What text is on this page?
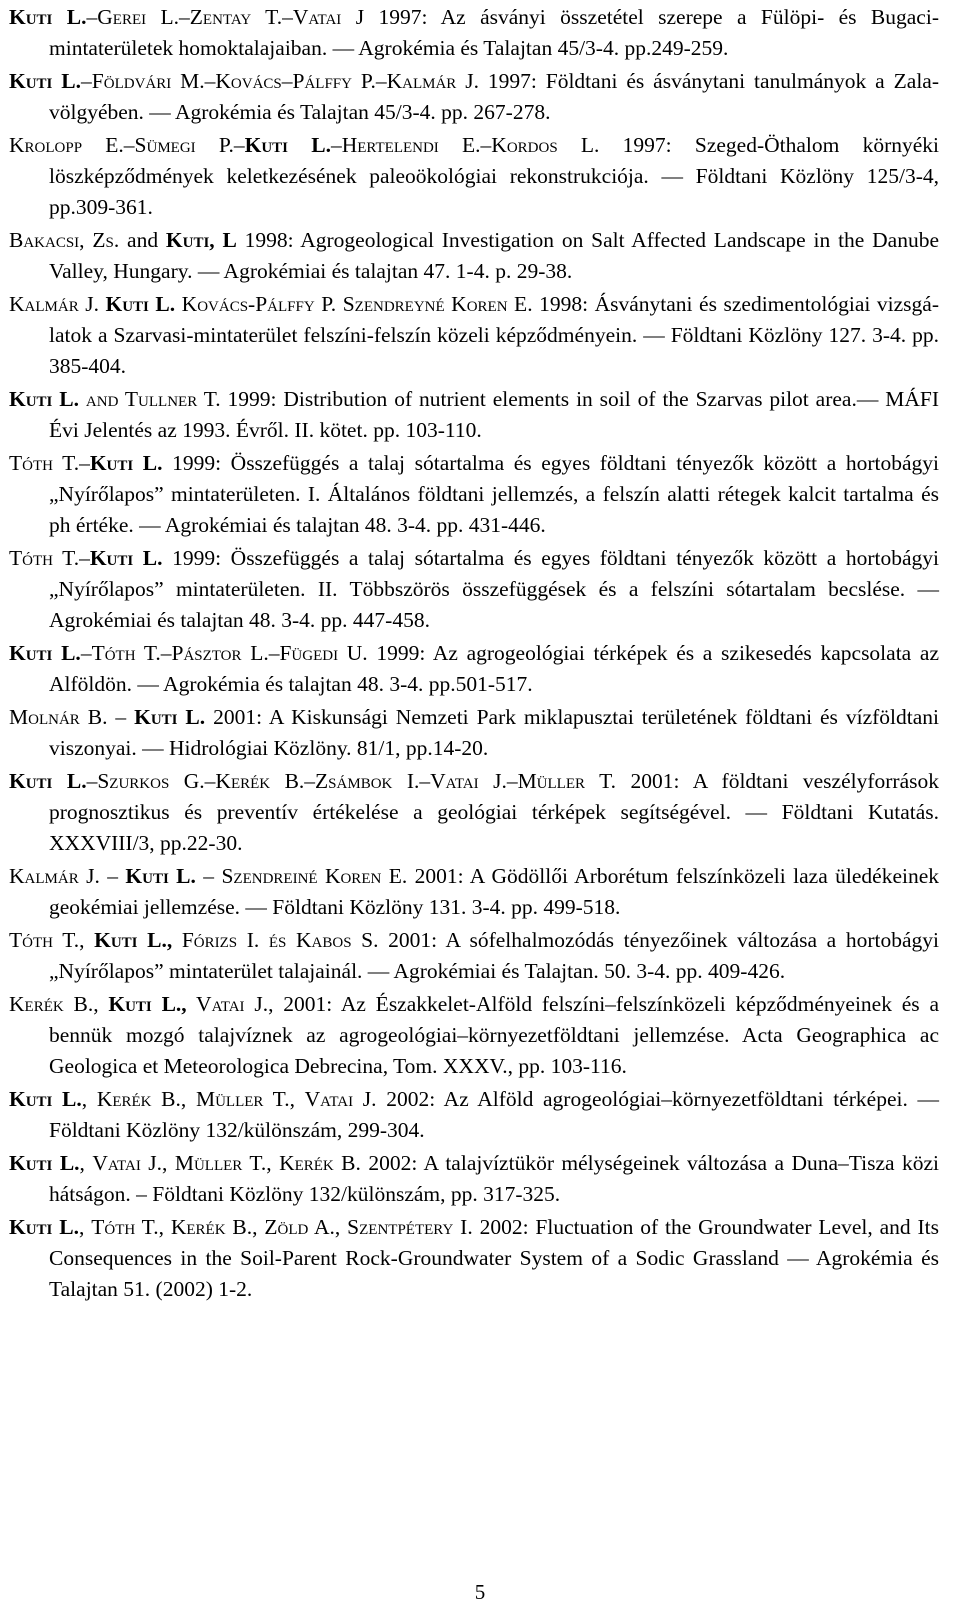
Kuti L.–Gerei L.–Zentay T.–Vatai J 1997: Az ásványi összetétel szerepe a Fülöpi- és Bugaci-mintaterületek homoktalajaiban. — Agrokémia és Talajtan 45/3-4. pp.249-259.

Kuti L.–Földvári M.–Kovács–Pálffy P.–Kalmár J. 1997: Földtani és ásványtani tanulmányok a Zala-völgyében. — Agrokémia és Talajtan 45/3-4. pp. 267-278.

Krolopp E.–Sümegi P.–Kuti L.–Hertelendi E.–Kordos L. 1997: Szeged-Öthalom környéki löszképződmények keletkezésének paleoökológiai rekonstrukciója. — Földtani Közlöny 125/3-4, pp.309-361.

Bakacsi, Zs. and Kuti, L 1998: Agrogeological Investigation on Salt Affected Landscape in the Danube Valley, Hungary. — Agrokémiai és talajtan 47. 1-4. p. 29-38.

Kalmár J. Kuti L. Kovács-Pálffy P. Szendreyné Koren E. 1998: Ásványtani és szedimentológiai vizsgálatok a Szarvasi-mintaterület felszíni-felszín közeli képződményein. — Földtani Közlöny 127. 3-4. pp. 385-404.

Kuti L. and Tullner T. 1999: Distribution of nutrient elements in soil of the Szarvas pilot area.— MÁFI Évi Jelentés az 1993. Évről. II. kötet. pp. 103-110.

Tóth T.–Kuti L. 1999: Összefüggés a talaj sótartalma és egyes földtani tényezők között a hortobágyi „Nyírőlapos” mintaterületen. I. Általános földtani jellemzés, a felszín alatti rétegek kalcit tartalma és ph értéke. — Agrokémiai és talajtan 48. 3-4. pp. 431-446.

Tóth T.–Kuti L. 1999: Összefüggés a talaj sótartalma és egyes földtani tényezők között a hortobágyi „Nyírőlapos” mintaterületen. II. Többszörös összefüggések és a felszíni sótartalam becslése. — Agrokémiai és talajtan 48. 3-4. pp. 447-458.

Kuti L.–Tóth T.–Pásztor L.–Fügedi U. 1999: Az agrogeológiai térképek és a szikesedés kapcsolata az Alföldön. — Agrokémia és talajtan 48. 3-4. pp.501-517.

Molnár B. – Kuti L. 2001: A Kiskunsági Nemzeti Park miklapusztai területének földtani és vízföldtani viszonyai. — Hidrológiai Közlöny. 81/1, pp.14-20.

Kuti L.–Szurkos G.–Kerék B.–Zsámbok I.–Vatai J.–Müller T. 2001: A földtani veszélyforrások prognosztikus és preventív értékelése a geológiai térképek segítségével. — Földtani Kutatás. XXXVIII/3, pp.22-30.

Kalmár J. – Kuti L. – Szendreiné Koren E. 2001: A Gödöllői Arborétum felszínközeli laza üledékeinek geokémiai jellemzése. — Földtani Közlöny 131. 3-4. pp. 499-518.

Tóth T., Kuti L., Fórizs I. és Kabos S. 2001: A sófelhalmozódás tényezőinek változása a hortobágyi „Nyírőlapos” mintaterület talajainál. — Agrokémiai és Talajtan. 50. 3-4. pp. 409-426.

Kerék B., Kuti L., Vatai J., 2001: Az Északkelet-Alföld felszíni–felszínközeli képződményeinek és a bennük mozgó talajvíznek az agrogeológiai–környezetföldtani jellemzése. Acta Geographica ac Geologica et Meteorologica Debrecina, Tom. XXXV., pp. 103-116.

Kuti L., Kerék B., Müller T., Vatai J. 2002: Az Alföld agrogeológiai–környezetföldtani térképei. — Földtani Közlöny 132/különszám, 299-304.

Kuti L., Vatai J., Müller T., Kerék B. 2002: A talajvíztükör mélységeinek változása a Duna–Tisza közi hátságon. – Földtani Közlöny 132/különszám, pp. 317-325.

Kuti L., Tóth T., Kerék B., Zöld A., Szentpétery I. 2002: Fluctuation of the Groundwater Level, and Its Consequences in the Soil-Parent Rock-Groundwater System of a Sodic Grassland — Agrokémia és Talajtan 51. (2002) 1-2.

5
